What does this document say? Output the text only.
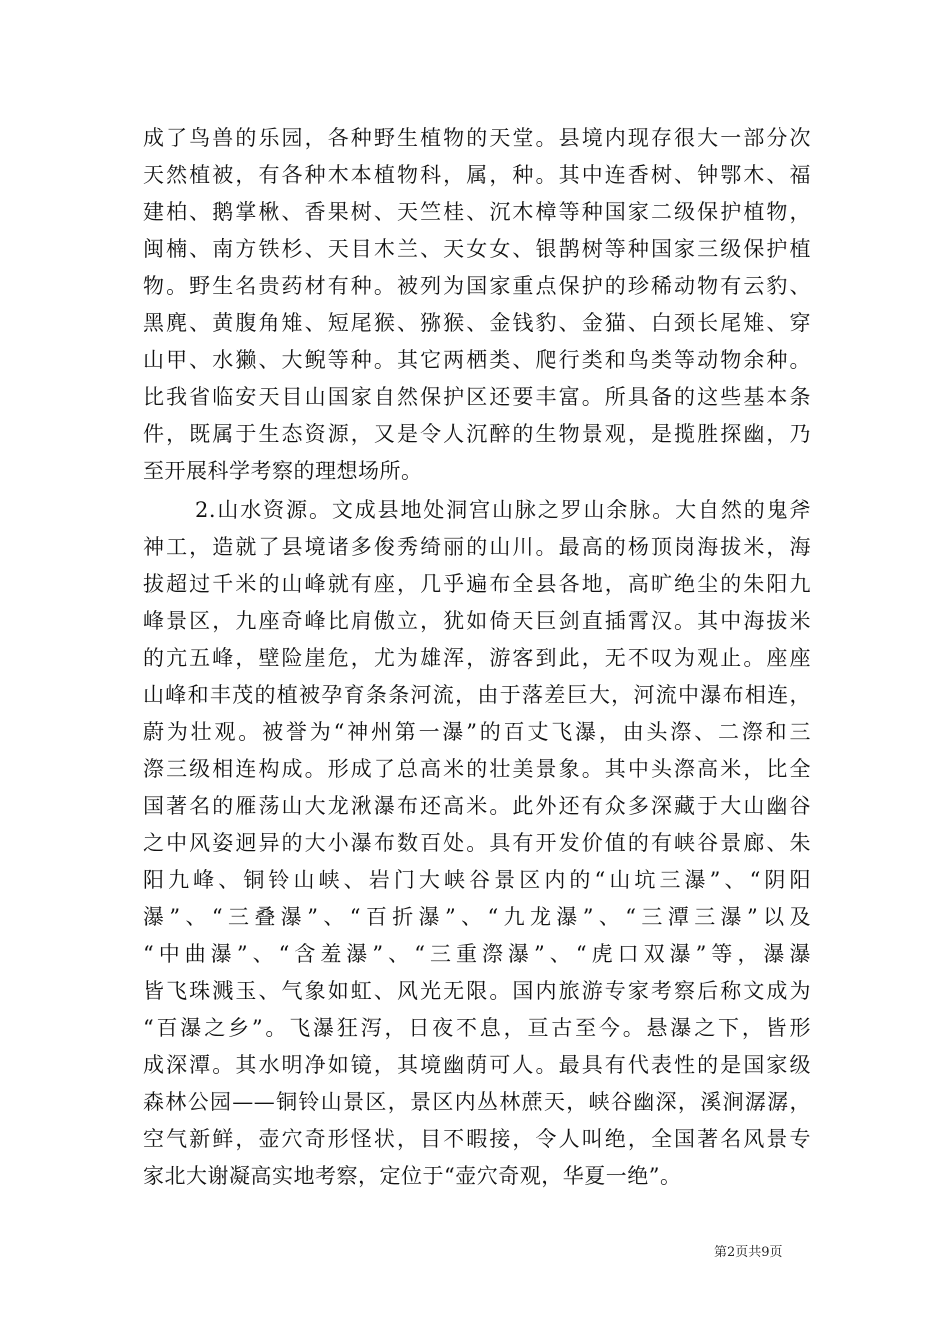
成了鸟兽的乐园，各种野生植物的天堂。县境内现存很大一部分次
天然植被，有各种木本植物科，属，种。其中连香树、钟鄂木、福
建柏、鹅掌楸、香果树、天竺桂、沉木樟等种国家二级保护植物，
闽楠、南方铁杉、天目木兰、天女女、银鹊树等种国家三级保护植
物。野生名贵药材有种。被列为国家重点保护的珍稀动物有云豹、
黑麂、黄腹角雉、短尾猴、猕猴、金钱豹、金猫、白颈长尾雉、穿
山甲、水獭、大鲵等种。其它两栖类、爬行类和鸟类等动物余种。
比我省临安天目山国家自然保护区还要丰富。所具备的这些基本条
件，既属于生态资源，又是令人沉醉的生物景观，是揽胜探幽，乃
至开展科学考察的理想场所。
2.山水资源。文成县地处洞宫山脉之罗山余脉。大自然的鬼斧
神工，造就了县境诸多俊秀绮丽的山川。最高的杨顶岗海拔米，海
拔超过千米的山峰就有座，几乎遍布全县各地，高旷绝尘的朱阳九
峰景区，九座奇峰比肩傲立，犹如倚天巨剑直插霄汉。其中海拔米
的亢五峰，壁险崖危，尤为雄浑，游客到此，无不叹为观止。座座
山峰和丰茂的植被孕育条条河流，由于落差巨大，河流中瀑布相连，
蔚为壮观。被誉为“神州第一瀑”的百丈飞瀑，由头漈、二漈和三
漈三级相连构成。形成了总高米的壮美景象。其中头漈高米，比全
国著名的雁荡山大龙湫瀑布还高米。此外还有众多深藏于大山幽谷
之中风姿迥异的大小瀑布数百处。具有开发价值的有峡谷景廊、朱
阳九峰、铜铃山峡、岩门大峡谷景区内的“山坑三瀑”、“阴阳
瀑”、“三叠瀑”、“百折瀑”、“九龙瀑”、“三潭三瀑”以及
“中曲瀑”、“含羞瀑”、“三重漈瀑”、“虎口双瀑”等，瀑瀑
皆飞珠溅玉、气象如虹、风光无限。国内旅游专家考察后称文成为
“百瀑之乡”。飞瀑狂泻，日夜不息，亘古至今。悬瀑之下，皆形
成深潭。其水明净如镜，其境幽荫可人。最具有代表性的是国家级
森林公园——铜铃山景区，景区内丛林蔗天，峡谷幽深，溪涧潺潺，
空气新鲜，壶穴奇形怪状，目不暇接，令人叫绝，全国著名风景专
家北大谢凝高实地考察，定位于“壶穴奇观，华夏一绝”。
第2页共9页
